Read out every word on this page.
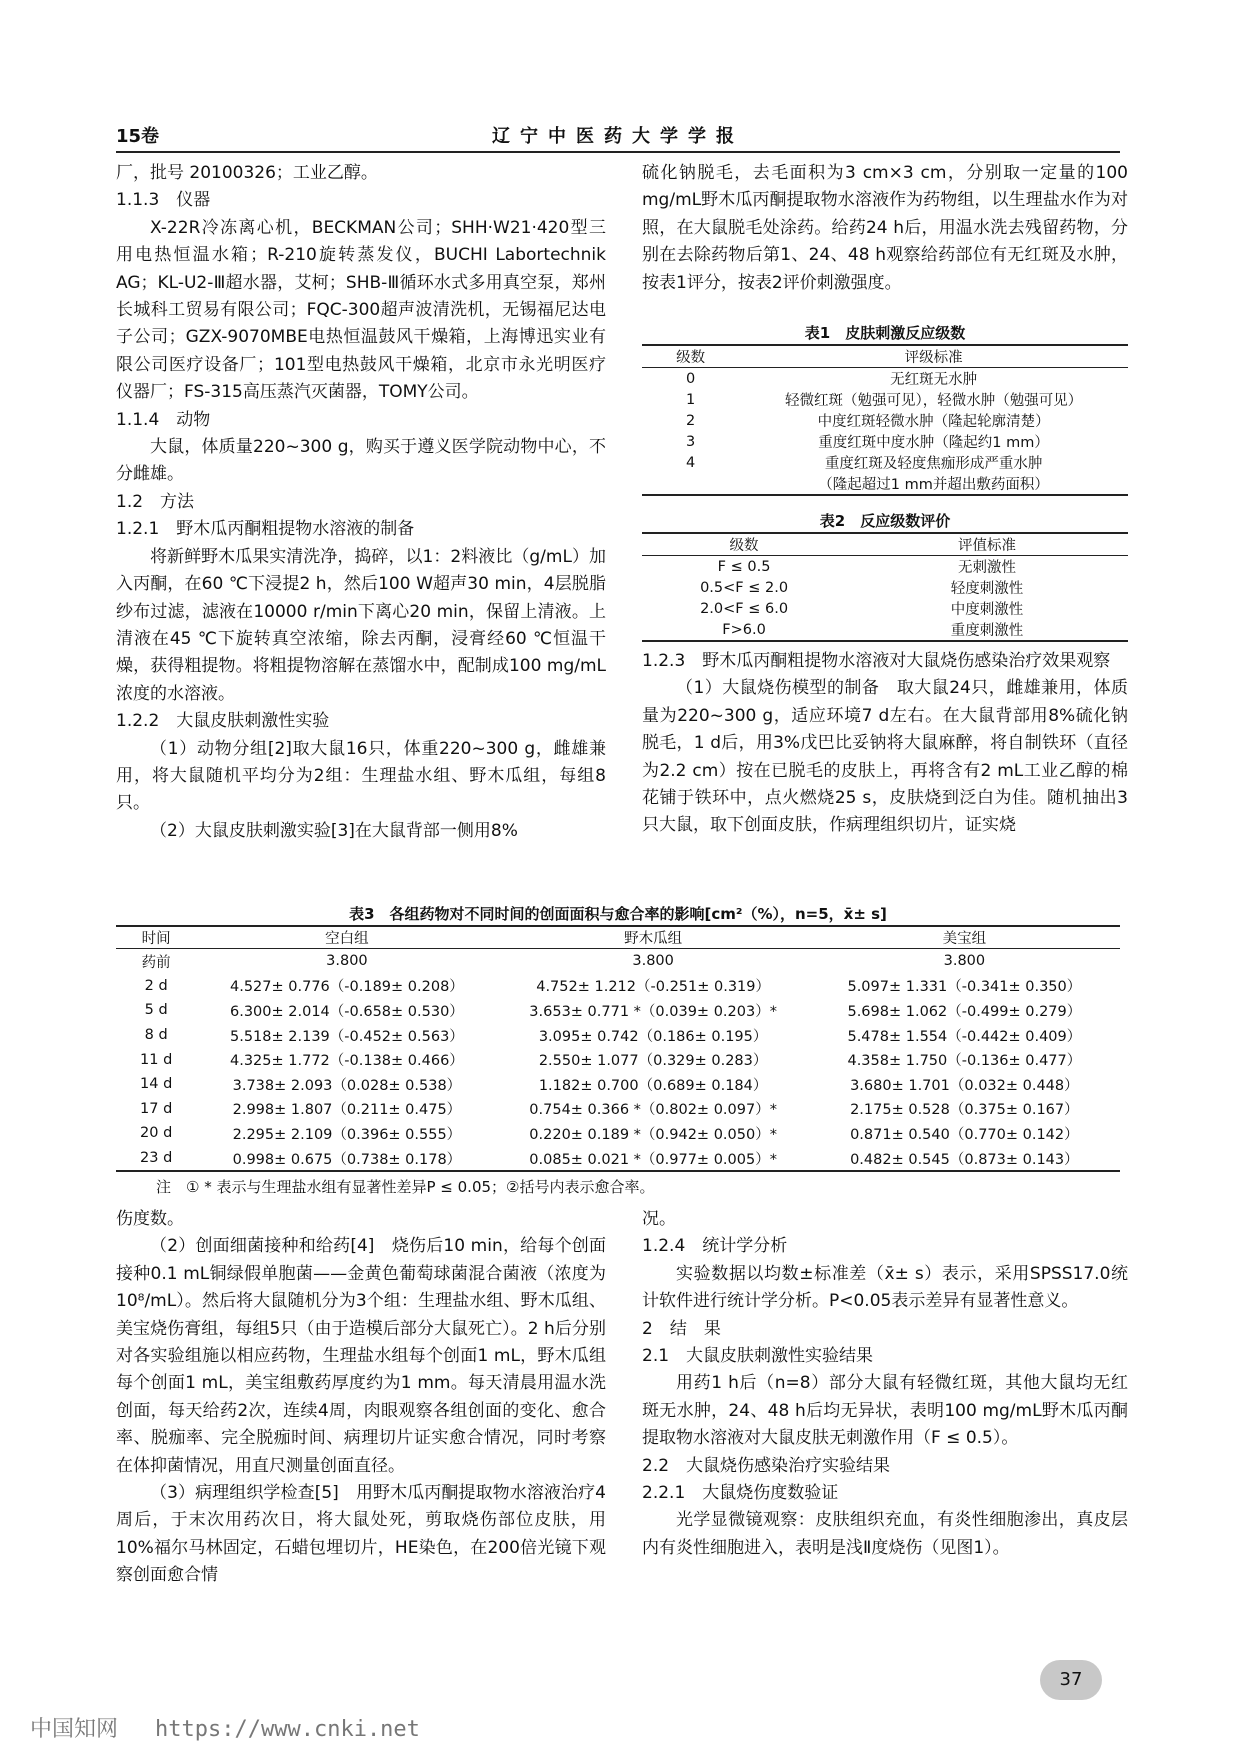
15卷	辽宁中医药大学学报

厂，批号 20100326；工业乙醇。

1.1.3　仪器

X-22R冷冻离心机，BECKMAN公司；SHH·W21·420型三用电热恒温水箱；R-210旋转蒸发仪，BUCHI Labortechnik AG；KL-U2-Ⅲ超水器，艾柯；SHB-Ⅲ循环水式多用真空泵，郑州长城科工贸易有限公司；FQC-300超声波清洗机，无锡福尼达电子公司；GZX-9070MBE电热恒温鼓风干燥箱，上海博迅实业有限公司医疗设备厂；101型电热鼓风干燥箱，北京市永光明医疗仪器厂；FS-315高压蒸汽灭菌器，TOMY公司。

1.1.4　动物

大鼠，体质量220~300 g，购买于遵义医学院动物中心，不分雌雄。

1.2　方法

1.2.1　野木瓜丙酮粗提物水溶液的制备

将新鲜野木瓜果实清洗净，捣碎，以1：2料液比（g/mL）加入丙酮，在60 ℃下浸提2 h，然后100 W超声30 min，4层脱脂纱布过滤，滤液在10000 r/min下离心20 min，保留上清液。上清液在45 ℃下旋转真空浓缩，除去丙酮，浸膏经60 ℃恒温干燥，获得粗提物。将粗提物溶解在蒸馏水中，配制成100 mg/mL浓度的水溶液。

1.2.2　大鼠皮肤刺激性实验

（1）动物分组[2]取大鼠16只，体重220~300 g，雌雄兼用，将大鼠随机平均分为2组：生理盐水组、野木瓜组，每组8只。

（2）大鼠皮肤刺激实验[3]在大鼠背部一侧用8%

硫化钠脱毛，去毛面积为3 cm×3 cm，分别取一定量的100 mg/mL野木瓜丙酮提取物水溶液作为药物组，以生理盐水作为对照，在大鼠脱毛处涂药。给药24 h后，用温水洗去残留药物，分别在去除药物后第1、24、48 h观察给药部位有无红斑及水肿，按表1评分，按表2评价刺激强度。

表1　皮肤刺激反应级数
级数	评级标准
0	无红斑无水肿
1	轻微红斑（勉强可见），轻微水肿（勉强可见）
2	中度红斑轻微水肿（隆起轮廓清楚）
3	重度红斑中度水肿（隆起约1 mm）
4	重度红斑及轻度焦痂形成严重水肿
	（隆起超过1 mm并超出敷药面积）
表2　反应级数评价
级数	评值标准
F ≤ 0.5	无刺激性
0.5<F ≤ 2.0	轻度刺激性
2.0<F ≤ 6.0	中度刺激性
F>6.0	重度刺激性

1.2.3　野木瓜丙酮粗提物水溶液对大鼠烧伤感染治疗效果观察

（1）大鼠烧伤模型的制备　取大鼠24只，雌雄兼用，体质量为220~300 g，适应环境7 d左右。在大鼠背部用8%硫化钠脱毛，1 d后，用3%戊巴比妥钠将大鼠麻醉，将自制铁环（直径为2.2 cm）按在已脱毛的皮肤上，再将含有2 mL工业乙醇的棉花铺于铁环中，点火燃烧25 s，皮肤烧到泛白为佳。随机抽出3只大鼠，取下创面皮肤，作病理组织切片，证实烧

表3　各组药物对不同时间的创面面积与愈合率的影响[cm²（%），n=5，x̄± s]
时间	空白组	野木瓜组	美宝组
药前	3.800	3.800	3.800
2 d	4.527± 0.776（-0.189± 0.208）	4.752± 1.212（-0.251± 0.319）	5.097± 1.331（-0.341± 0.350）
5 d	6.300± 2.014（-0.658± 0.530）	3.653± 0.771 *（0.039± 0.203）*	5.698± 1.062（-0.499± 0.279）
8 d	5.518± 2.139（-0.452± 0.563）	3.095± 0.742（0.186± 0.195）	5.478± 1.554（-0.442± 0.409）
11 d	4.325± 1.772（-0.138± 0.466）	2.550± 1.077（0.329± 0.283）	4.358± 1.750（-0.136± 0.477）
14 d	3.738± 2.093（0.028± 0.538）	1.182± 0.700（0.689± 0.184）	3.680± 1.701（0.032± 0.448）
17 d	2.998± 1.807（0.211± 0.475）	0.754± 0.366 *（0.802± 0.097）*	2.175± 0.528（0.375± 0.167）
20 d	2.295± 2.109（0.396± 0.555）	0.220± 0.189 *（0.942± 0.050）*	0.871± 0.540（0.770± 0.142）
23 d	0.998± 0.675（0.738± 0.178）	0.085± 0.021 *（0.977± 0.005）*	0.482± 0.545（0.873± 0.143）
注　① * 表示与生理盐水组有显著性差异P ≤ 0.05；②括号内表示愈合率。

伤度数。

（2）创面细菌接种和给药[4]　烧伤后10 min，给每个创面接种0.1 mL铜绿假单胞菌——金黄色葡萄球菌混合菌液（浓度为10⁸/mL）。然后将大鼠随机分为3个组：生理盐水组、野木瓜组、美宝烧伤膏组，每组5只（由于造模后部分大鼠死亡）。2 h后分别对各实验组施以相应药物，生理盐水组每个创面1 mL，野木瓜组每个创面1 mL，美宝组敷药厚度约为1 mm。每天清晨用温水洗创面，每天给药2次，连续4周，肉眼观察各组创面的变化、愈合率、脱痂率、完全脱痂时间、病理切片证实愈合情况，同时考察在体抑菌情况，用直尺测量创面直径。

（3）病理组织学检查[5]　用野木瓜丙酮提取物水溶液治疗4周后，于末次用药次日，将大鼠处死，剪取烧伤部位皮肤，用10%福尔马林固定，石蜡包埋切片，HE染色，在200倍光镜下观察创面愈合情

况。

1.2.4　统计学分析

实验数据以均数±标准差（x̄± s）表示，采用SPSS17.0统计软件进行统计学分析。P<0.05表示差异有显著性意义。

2　结　果

2.1　大鼠皮肤刺激性实验结果

用药1 h后（n=8）部分大鼠有轻微红斑，其他大鼠均无红斑无水肿，24、48 h后均无异状，表明100 mg/mL野木瓜丙酮提取物水溶液对大鼠皮肤无刺激作用（F ≤ 0.5）。

2.2　大鼠烧伤感染治疗实验结果

2.2.1　大鼠烧伤度数验证

光学显微镜观察：皮肤组织充血，有炎性细胞渗出，真皮层内有炎性细胞进入，表明是浅Ⅱ度烧伤（见图1）。

37
中国知网 https://www.cnki.net
